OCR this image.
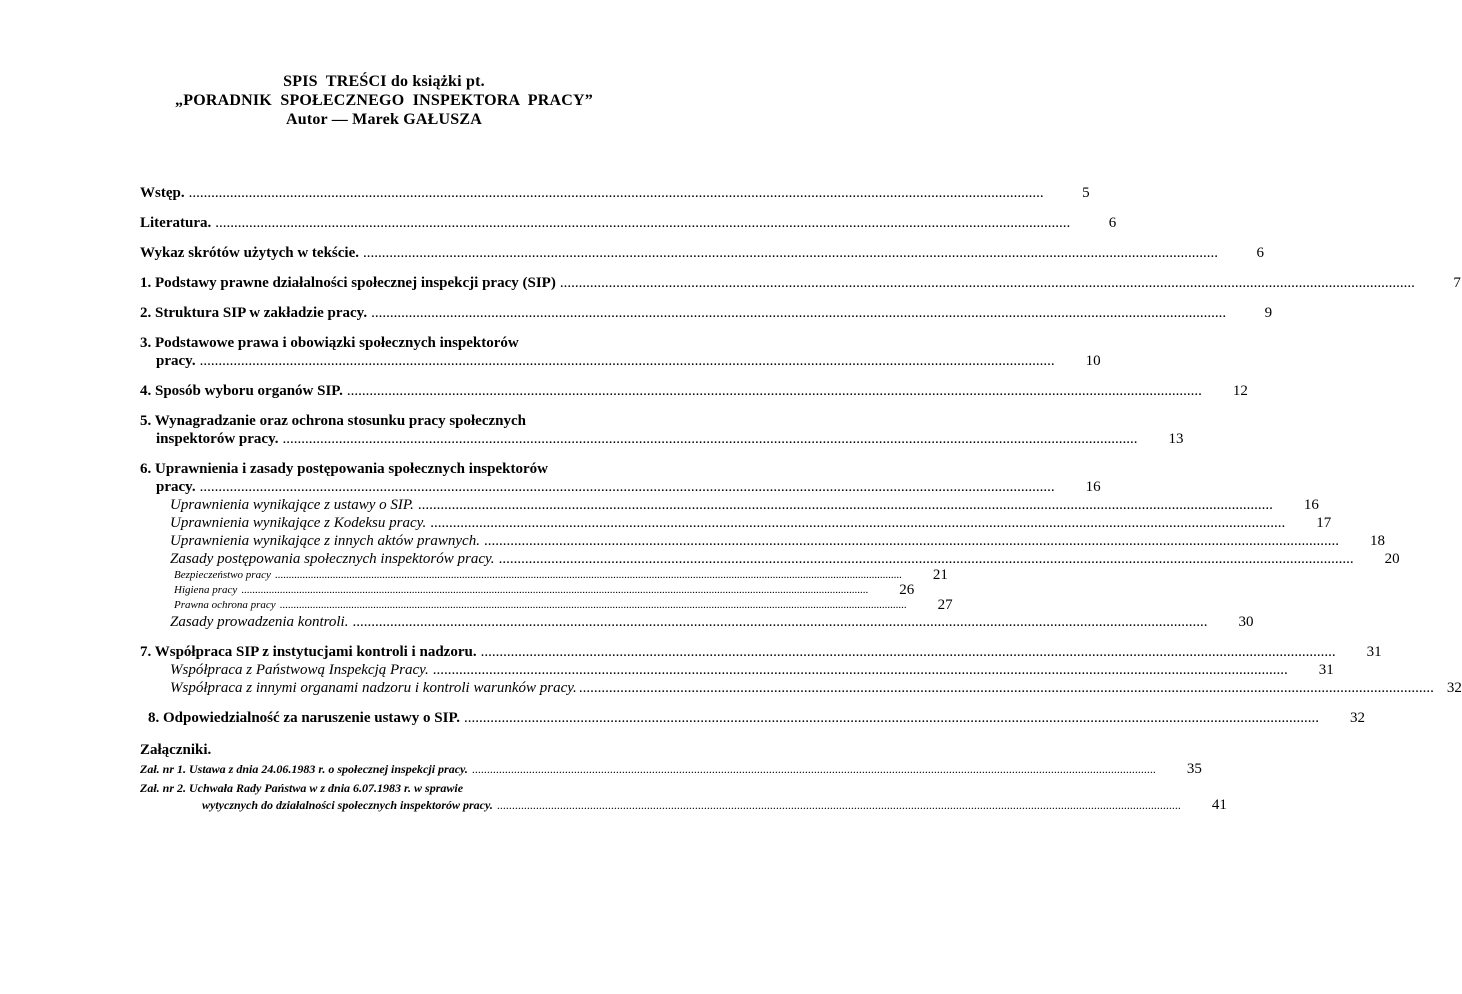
SPIS  TREŚCI do książki pt.
„PORADNIK  SPOŁECZNEGO  INSPEKTORA  PRACY”
Autor — Marek GAŁUSZA
Wstęp. .....	5
Literatura. .....	6
Wykaz skrótów użytych w tekście. .....	6
1. Podstawy prawne działalności społecznej inspekcji pracy (SIP) .....	7
2. Struktura SIP w zakładzie pracy. .....	9
3. Podstawowe prawa i obowiązki społecznych inspektorów
pracy. .....	10
4. Sposób wyboru organów SIP. .....	12
5. Wynagradzanie oraz ochrona stosunku pracy społecznych
inspektorów pracy. .....	13
6. Uprawnienia i zasady postępowania społecznych inspektorów
pracy. .....	16
Uprawnienia wynikające z ustawy o SIP. .....	16
Uprawnienia wynikające z Kodeksu pracy. .....	17
Uprawnienia wynikające z innych aktów prawnych. .....	18
Zasady postępowania społecznych inspektorów pracy. .....	20
Bezpieczeństwo pracy .....	21
Higiena pracy .....	26
Prawna ochrona pracy .....	27
Zasady prowadzenia kontroli. .....	30
7. Współpraca SIP z instytucjami kontroli i nadzoru. .....	31
Współpraca z Państwową Inspekcją Pracy. .....	31
Współpraca z innymi organami nadzoru i kontroli warunków pracy. .....	32
8. Odpowiedzialność za naruszenie ustawy o SIP. .....	32
Załączniki.
Zał. nr 1. Ustawa z dnia 24.06.1983 r. o społecznej inspekcji pracy. .....	35
Zał. nr 2. Uchwała Rady Państwa w z dnia 6.07.1983 r. w sprawie
wytycznych do działalności społecznych inspektorów pracy. .....	41
